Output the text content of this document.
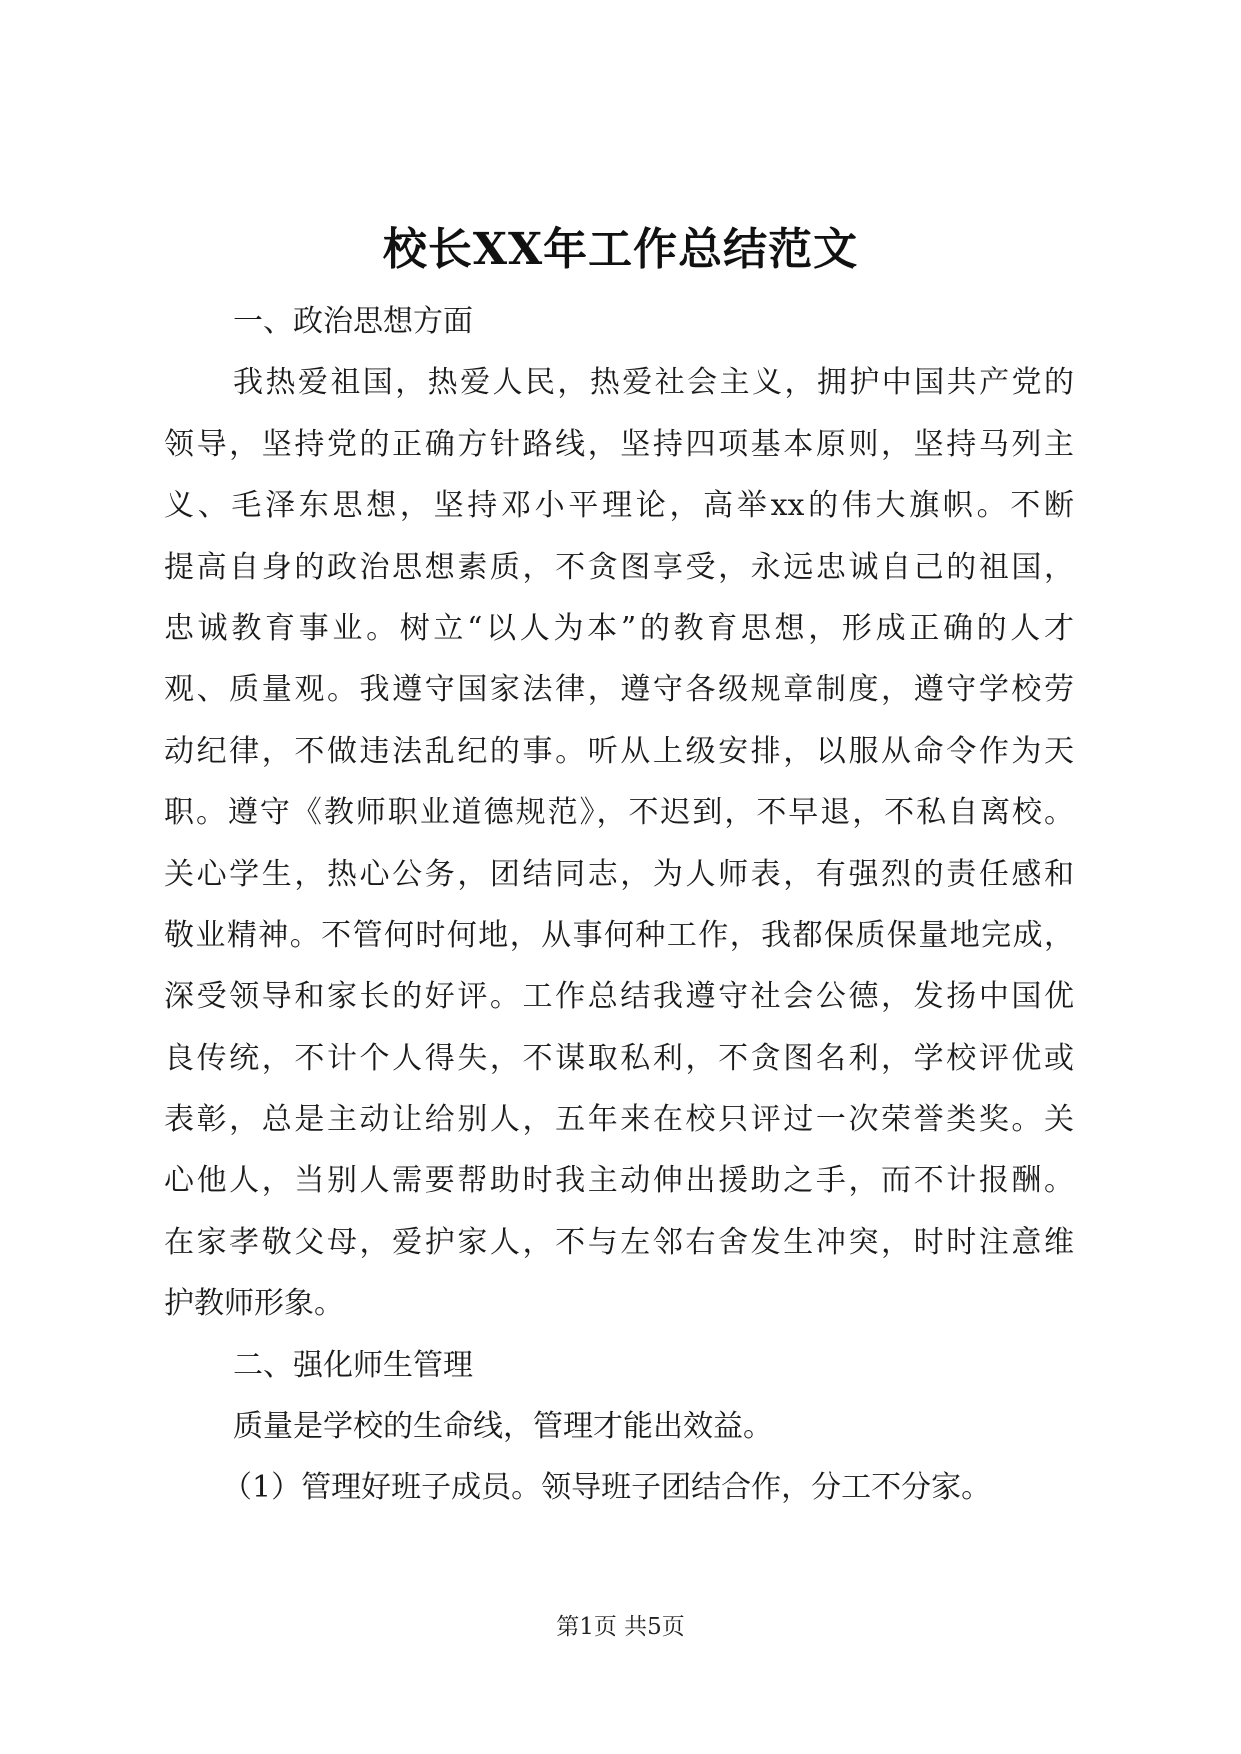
校长XX年工作总结范文
一、政治思想方面
我热爱祖国，热爱人民，热爱社会主义，拥护中国共产党的
领导，坚持党的正确方针路线，坚持四项基本原则，坚持马列主
义、毛泽东思想，坚持邓小平理论，高举xx的伟大旗帜。不断
提高自身的政治思想素质，不贪图享受，永远忠诚自己的祖国，
忠诚教育事业。树立“以人为本”的教育思想，形成正确的人才
观、质量观。我遵守国家法律，遵守各级规章制度，遵守学校劳
动纪律，不做违法乱纪的事。听从上级安排，以服从命令作为天
职。遵守《教师职业道德规范》，不迟到，不早退，不私自离校。
关心学生，热心公务，团结同志，为人师表，有强烈的责任感和
敬业精神。不管何时何地，从事何种工作，我都保质保量地完成，
深受领导和家长的好评。工作总结我遵守社会公德，发扬中国优
良传统，不计个人得失，不谋取私利，不贪图名利，学校评优或
表彰，总是主动让给别人，五年来在校只评过一次荣誉类奖。关
心他人，当别人需要帮助时我主动伸出援助之手，而不计报酬。
在家孝敬父母，爱护家人，不与左邻右舍发生冲突，时时注意维
护教师形象。
二、强化师生管理
质量是学校的生命线，管理才能出效益。
（1）管理好班子成员。领导班子团结合作，分工不分家。
第1页 共5页
